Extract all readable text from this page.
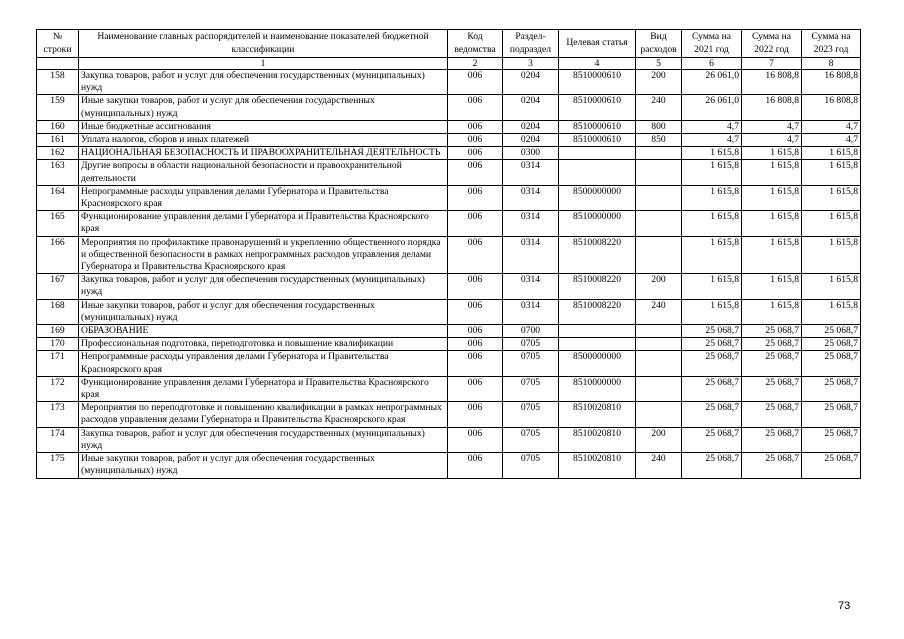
№ строки	Наименование главных распорядителей и наименование показателей бюджетной классификации	Код ведомства	Раздел-подраздел	Целевая статья	Вид расходов	Сумма на 2021 год	Сумма на 2022 год	Сумма на 2023 год
	1	2	3	4	5	6	7	8
158	Закупка товаров, работ и услуг для обеспечения государственных (муниципальных) нужд	006	0204	8510000610	200	26 061,0	16 808,8	16 808,8
159	Иные закупки товаров, работ и услуг для обеспечения государственных (муниципальных) нужд	006	0204	8510000610	240	26 061,0	16 808,8	16 808,8
160	Иные бюджетные ассигнования	006	0204	8510000610	800	4,7	4,7	4,7
161	Уплата налогов, сборов и иных платежей	006	0204	8510000610	850	4,7	4,7	4,7
162	НАЦИОНАЛЬНАЯ БЕЗОПАСНОСТЬ И ПРАВООХРАНИТЕЛЬНАЯ ДЕЯТЕЛЬНОСТЬ	006	0300			1 615,8	1 615,8	1 615,8
163	Другие вопросы в области национальной безопасности и правоохранительной деятельности	006	0314			1 615,8	1 615,8	1 615,8
164	Непрограммные расходы управления делами Губернатора и Правительства Красноярского края	006	0314	8500000000		1 615,8	1 615,8	1 615,8
165	Функционирование управления делами Губернатора и Правительства Красноярского края	006	0314	8510000000		1 615,8	1 615,8	1 615,8
166	Мероприятия по профилактике правонарушений и укреплению общественного порядка и общественной безопасности в рамках непрограммных расходов управления делами Губернатора и Правительства Красноярского края	006	0314	8510008220		1 615,8	1 615,8	1 615,8
167	Закупка товаров, работ и услуг для обеспечения государственных (муниципальных) нужд	006	0314	8510008220	200	1 615,8	1 615,8	1 615,8
168	Иные закупки товаров, работ и услуг для обеспечения государственных (муниципальных) нужд	006	0314	8510008220	240	1 615,8	1 615,8	1 615,8
169	ОБРАЗОВАНИЕ	006	0700			25 068,7	25 068,7	25 068,7
170	Профессиональная подготовка, переподготовка и повышение квалификации	006	0705			25 068,7	25 068,7	25 068,7
171	Непрограммные расходы управления делами Губернатора и Правительства Красноярского края	006	0705	8500000000		25 068,7	25 068,7	25 068,7
172	Функционирование управления делами Губернатора и Правительства Красноярского края	006	0705	8510000000		25 068,7	25 068,7	25 068,7
173	Мероприятия по переподготовке и повышению квалификации в рамках непрограммных расходов управления делами Губернатора и Правительства Красноярского края	006	0705	8510020810		25 068,7	25 068,7	25 068,7
174	Закупка товаров, работ и услуг для обеспечения государственных (муниципальных) нужд	006	0705	8510020810	200	25 068,7	25 068,7	25 068,7
175	Иные закупки товаров, работ и услуг для обеспечения государственных (муниципальных) нужд	006	0705	8510020810	240	25 068,7	25 068,7	25 068,7
73
